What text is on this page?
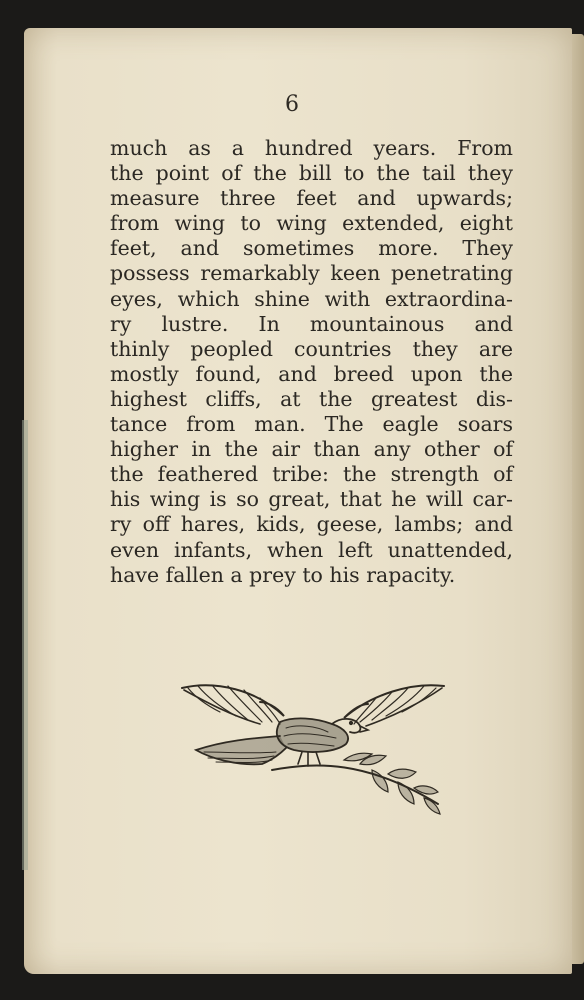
6

much as a hundred years. From
the point of the bill to the tail they
measure three feet and upwards;
from wing to wing extended, eight
feet, and sometimes more. They
possess remarkably keen penetrating
eyes, which shine with extraordina-
ry lustre. In mountainous and
thinly peopled countries they are
mostly found, and breed upon the
highest cliffs, at the greatest dis-
tance from man. The eagle soars
higher in the air than any other of
the feathered tribe: the strength of
his wing is so great, that he will car-
ry off hares, kids, geese, lambs; and
even infants, when left unattended,
have fallen a prey to his rapacity.
